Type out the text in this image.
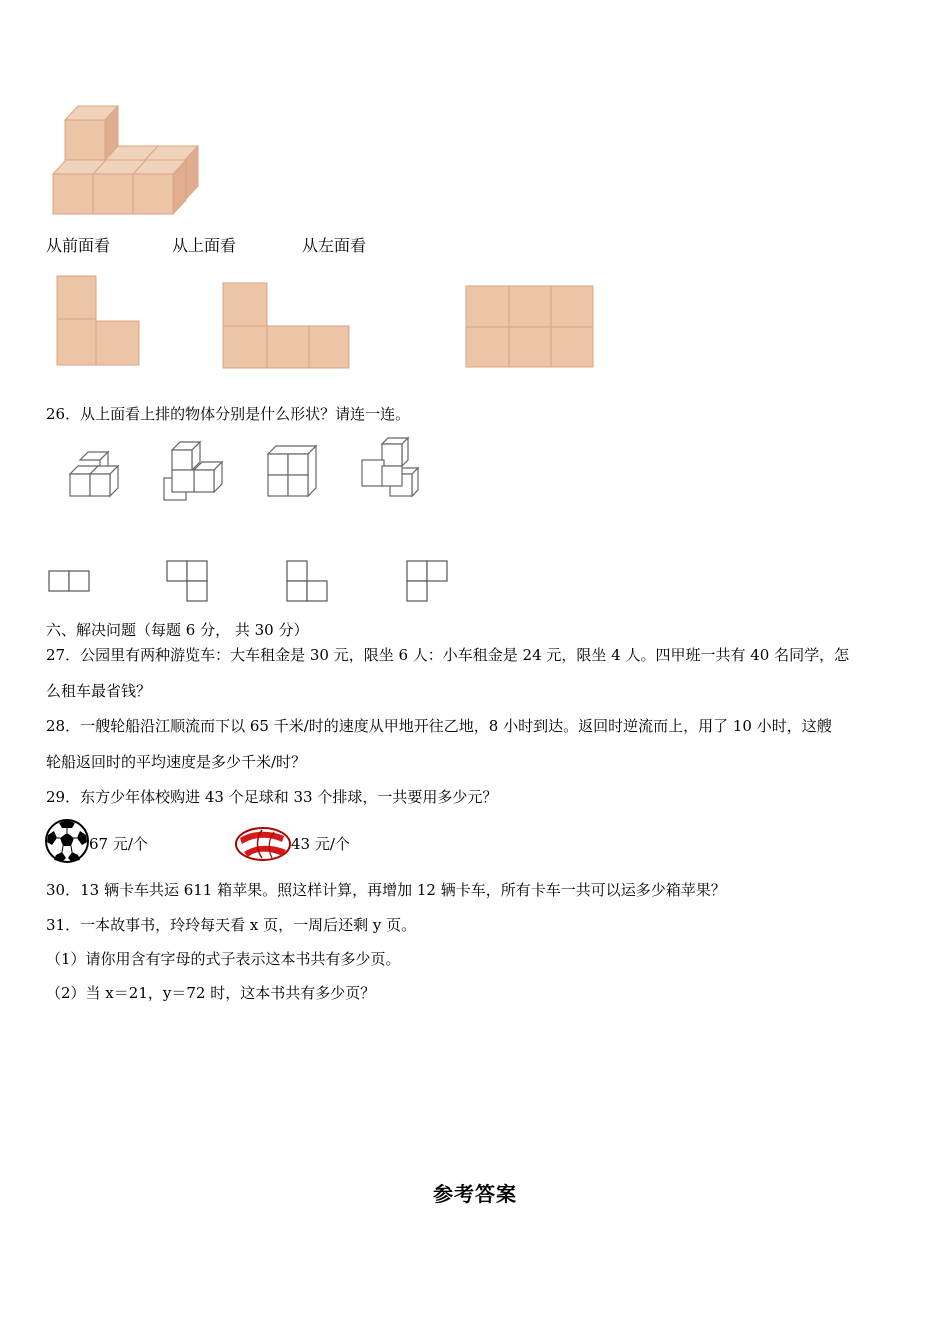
从前面看	从上面看	从左面看
26．从上面看上排的物体分别是什么形状？请连一连。
六、解决问题（每题 6 分， 共 30 分）
27．公园里有两种游览车：大车租金是 30 元，限坐 6 人：小车租金是 24 元，限坐 4 人。四甲班一共有 40 名同学，怎
么租车最省钱？
28．一艘轮船沿江顺流而下以 65 千米/时的速度从甲地开往乙地，8 小时到达。返回时逆流而上，用了 10 小时，这艘
轮船返回时的平均速度是多少千米/时？
29．东方少年体校购进 43 个足球和 33 个排球，一共要用多少元？
67 元/个	43 元/个
30．13 辆卡车共运 611 箱苹果。照这样计算，再增加 12 辆卡车，所有卡车一共可以运多少箱苹果？
31．一本故事书，玲玲每天看 x 页，一周后还剩 y 页。
（1）请你用含有字母的式子表示这本书共有多少页。
（2）当 x＝21，y＝72 时，这本书共有多少页？
参考答案
